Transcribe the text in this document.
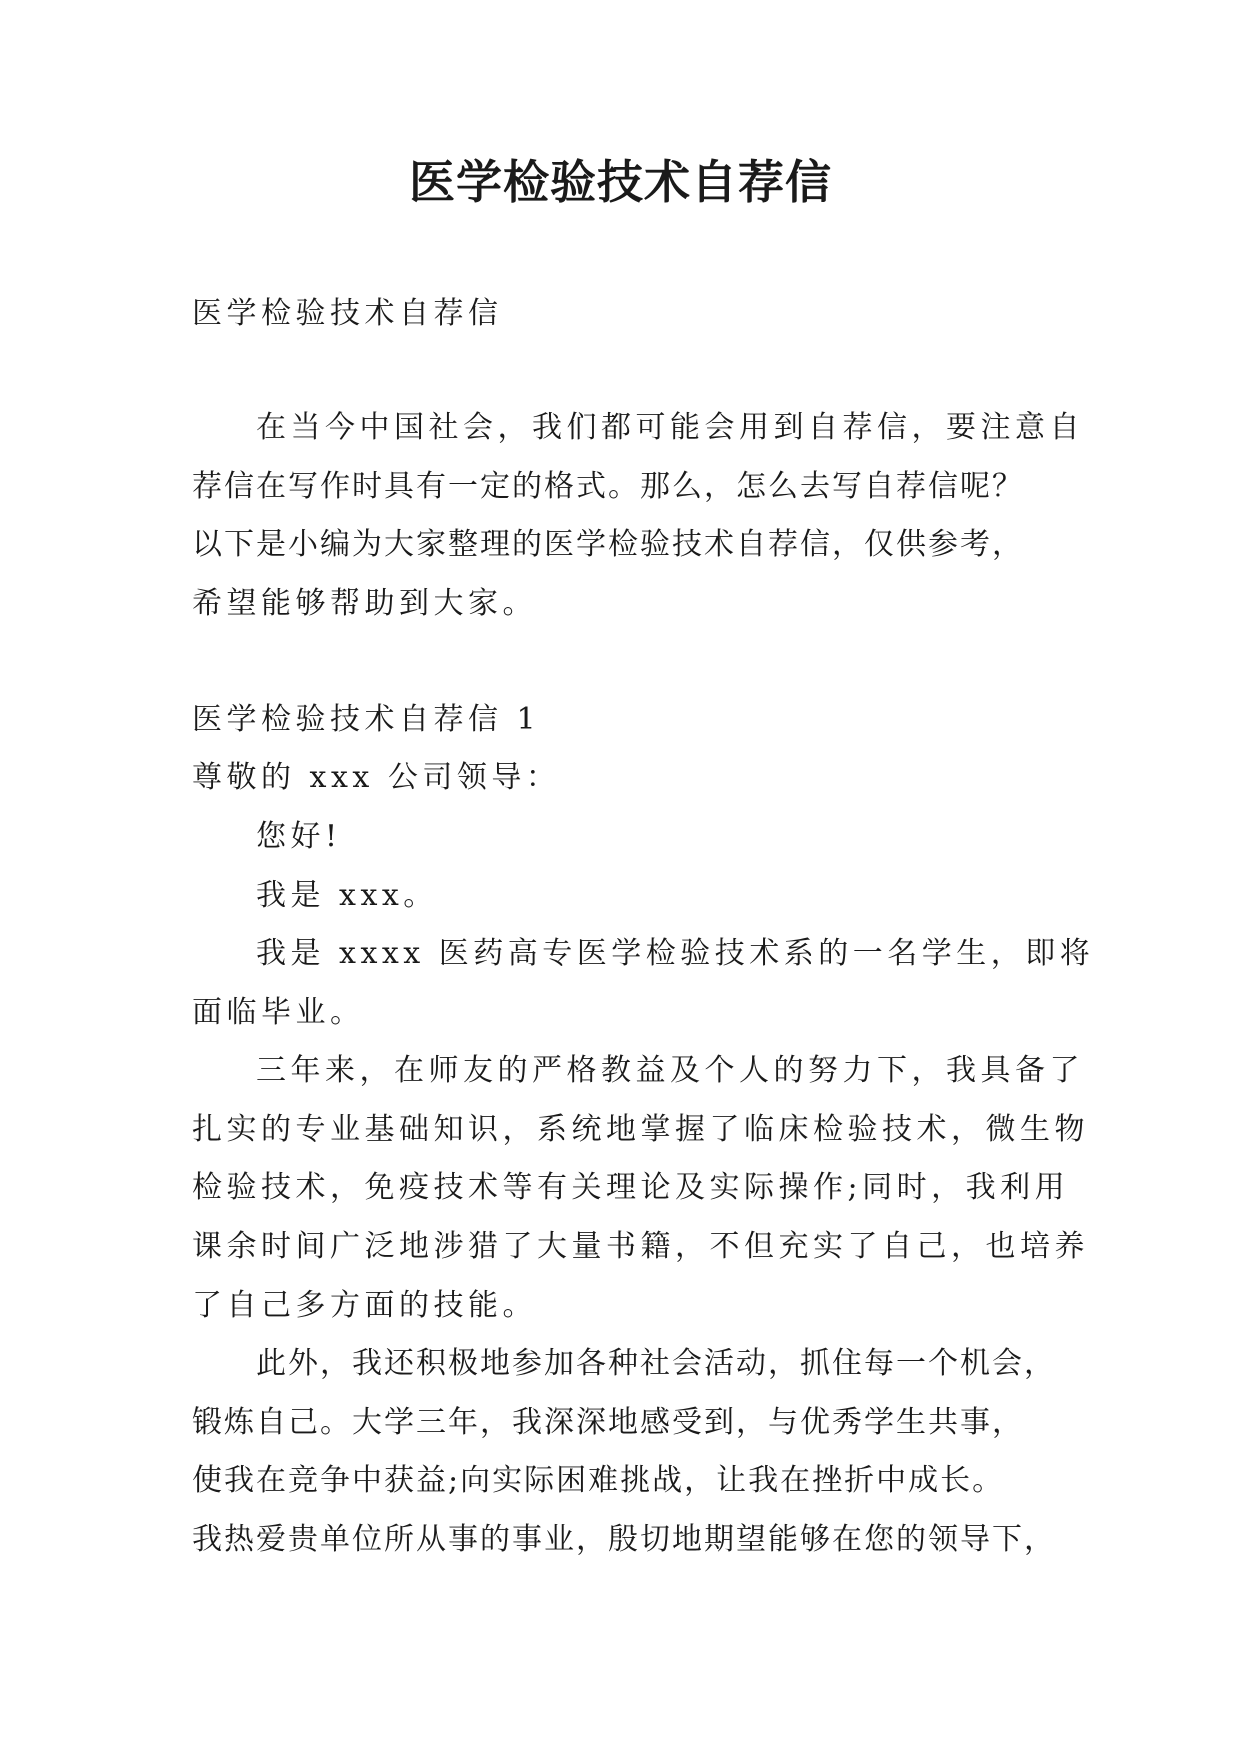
医学检验技术自荐信

医学检验技术自荐信

在当今中国社会，我们都可能会用到自荐信，要注意自

荐信在写作时具有一定的格式。那么，怎么去写自荐信呢？

以下是小编为大家整理的医学检验技术自荐信，仅供参考，

希望能够帮助到大家。

医学检验技术自荐信 1

尊敬的 xxx 公司领导：

您好!

我是 xxx。

我是 xxxx 医药高专医学检验技术系的一名学生，即将

面临毕业。

三年来，在师友的严格教益及个人的努力下，我具备了

扎实的专业基础知识，系统地掌握了临床检验技术，微生物

检验技术，免疫技术等有关理论及实际操作;同时，我利用

课余时间广泛地涉猎了大量书籍，不但充实了自己，也培养

了自己多方面的技能。

此外，我还积极地参加各种社会活动，抓住每一个机会，

锻炼自己。大学三年，我深深地感受到，与优秀学生共事，

使我在竞争中获益;向实际困难挑战，让我在挫折中成长。

我热爱贵单位所从事的事业，殷切地期望能够在您的领导下，
